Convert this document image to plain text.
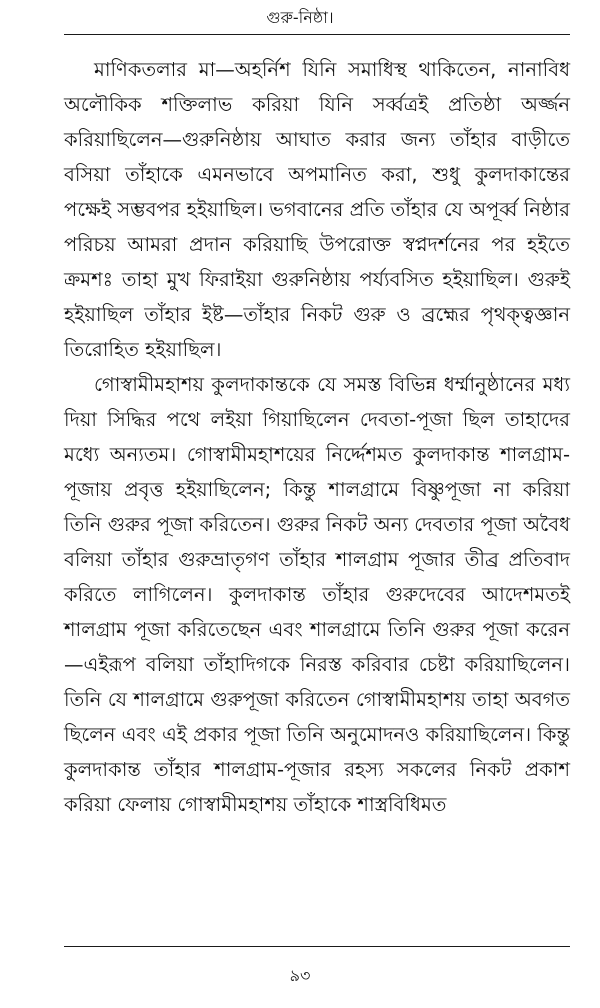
গুরু-নিষ্ঠা।

মাণিকতলার মা—অহর্নিশ যিনি সমাধিস্থ থাকিতেন, নানাবিধ অলৌকিক শক্তিলাভ করিয়া যিনি সর্ব্বত্রই প্রতিষ্ঠা অর্জ্জন করিয়াছিলেন—গুরুনিষ্ঠায় আঘাত করার জন্য তাঁহার বাড়ীতে বসিয়া তাঁহাকে এমনভাবে অপমানিত করা, শুধু কুলদাকান্তের পক্ষেই সম্ভবপর হইয়াছিল। ভগবানের প্রতি তাঁহার যে অপূর্ব্ব নিষ্ঠার পরিচয় আমরা প্রদান করিয়াছি উপরোক্ত স্বপ্নদর্শনের পর হইতে ক্রমশঃ তাহা মুখ ফিরাইয়া গুরুনিষ্ঠায় পর্য্যবসিত হইয়াছিল। গুরুই হইয়াছিল তাঁহার ইষ্ট—তাঁহার নিকট গুরু ও ব্রহ্মের পৃথক্ত্বজ্ঞান তিরোহিত হইয়াছিল।

গোস্বামীমহাশয় কুলদাকান্তকে যে সমস্ত বিভিন্ন ধর্ম্মানুষ্ঠানের মধ্য দিয়া সিদ্ধির পথে লইয়া গিয়াছিলেন দেবতা-পূজা ছিল তাহাদের মধ্যে অন্যতম। গোস্বামীমহাশয়ের নির্দ্দেশমত কুলদাকান্ত শালগ্রাম-পূজায় প্রবৃত্ত হইয়াছিলেন; কিন্তু শালগ্রামে বিষ্ণুপূজা না করিয়া তিনি গুরুর পূজা করিতেন। গুরুর নিকট অন্য দেবতার পূজা অবৈধ বলিয়া তাঁহার গুরুভ্রাতৃগণ তাঁহার শালগ্রাম পূজার তীব্র প্রতিবাদ করিতে লাগিলেন। কুলদাকান্ত তাঁহার গুরুদেবের আদেশমতই শালগ্রাম পূজা করিতেছেন এবং শালগ্রামে তিনি গুরুর পূজা করেন—এইরূপ বলিয়া তাঁহাদিগকে নিরস্ত করিবার চেষ্টা করিয়াছিলেন। তিনি যে শালগ্রামে গুরুপূজা করিতেন গোস্বামীমহাশয় তাহা অবগত ছিলেন এবং এই প্রকার পূজা তিনি অনুমোদনও করিয়াছিলেন। কিন্তু কুলদাকান্ত তাঁহার শালগ্রাম-পূজার রহস্য সকলের নিকট প্রকাশ করিয়া ফেলায় গোস্বামীমহাশয় তাঁহাকে শাস্ত্রবিধিমত

৯৩
